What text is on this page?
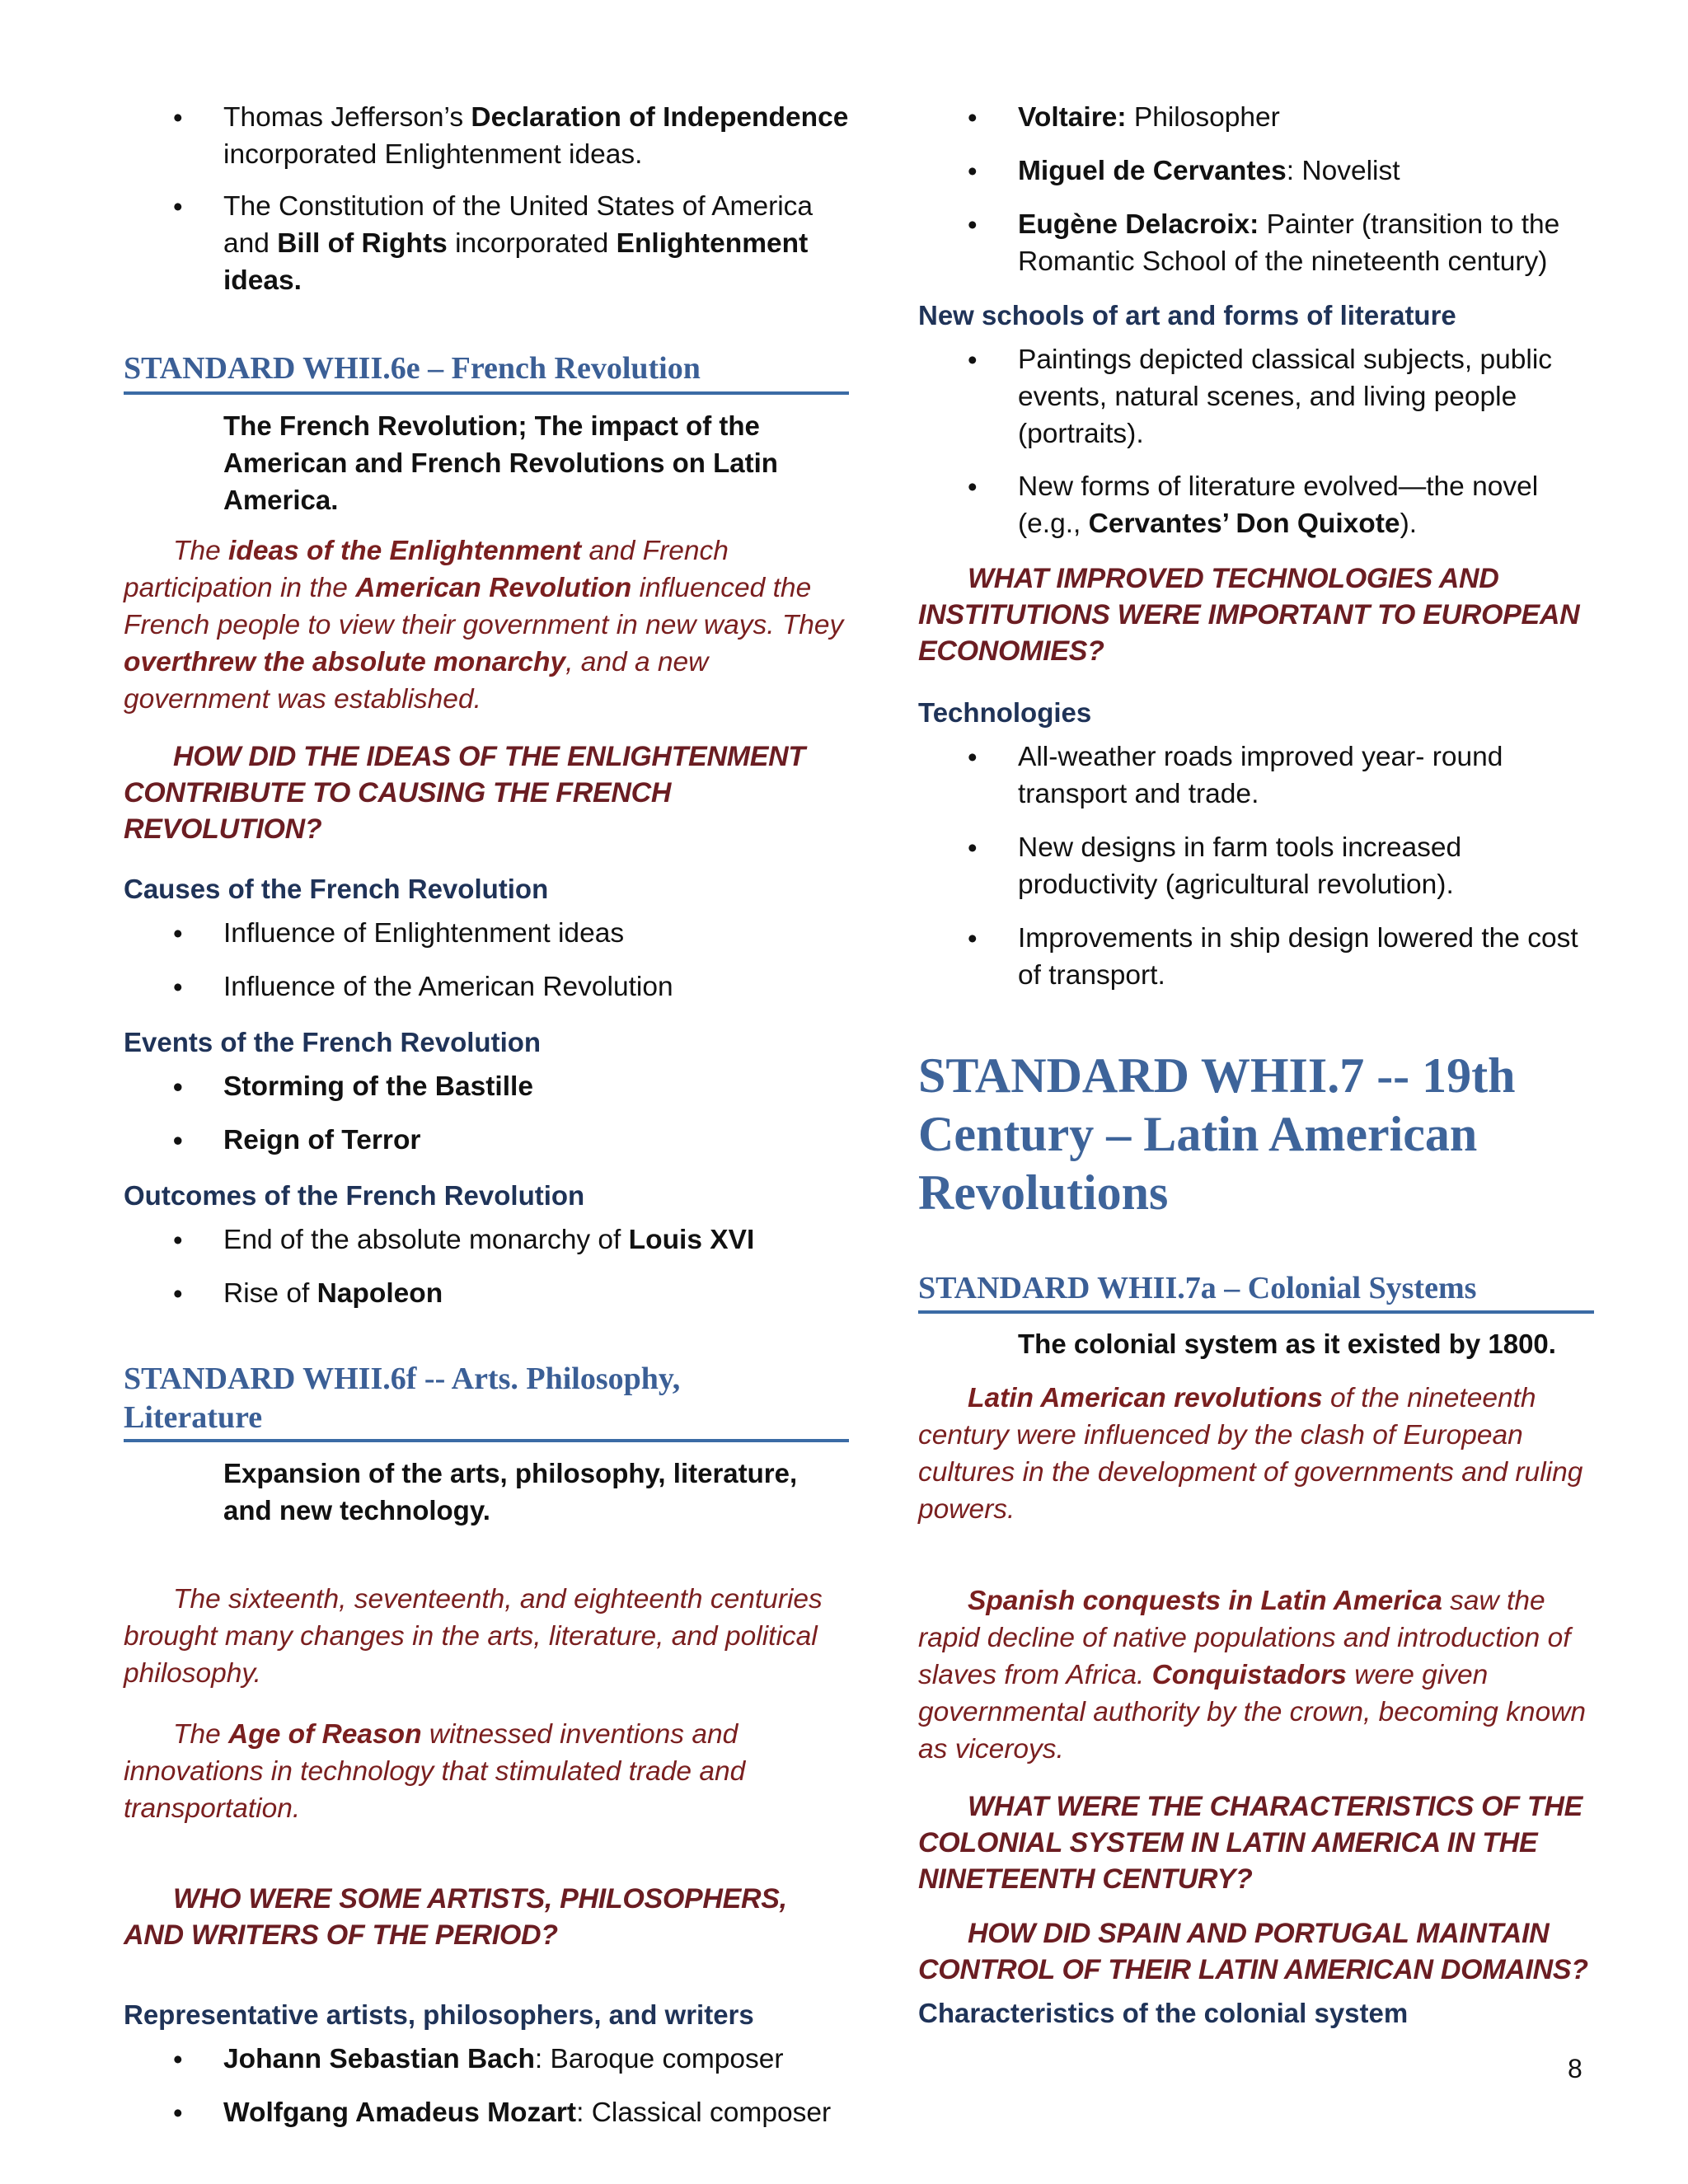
• Thomas Jefferson’s Declaration of Independence incorporated Enlightenment ideas.
• The Constitution of the United States of America and Bill of Rights incorporated Enlightenment ideas.
STANDARD WHII.6e – French Revolution
The French Revolution; The impact of the American and French Revolutions on Latin America.
The ideas of the Enlightenment and French participation in the American Revolution influenced the French people to view their government in new ways. They overthrew the absolute monarchy, and a new government was established.
HOW DID THE IDEAS OF THE ENLIGHTENMENT CONTRIBUTE TO CAUSING THE FRENCH REVOLUTION?
Causes of the French Revolution
• Influence of Enlightenment ideas
• Influence of the American Revolution
Events of the French Revolution
• Storming of the Bastille
• Reign of Terror
Outcomes of the French Revolution
• End of the absolute monarchy of Louis XVI
• Rise of Napoleon
STANDARD WHII.6f -- Arts. Philosophy, Literature
Expansion of the arts, philosophy, literature, and new technology.
The sixteenth, seventeenth, and eighteenth centuries brought many changes in the arts, literature, and political philosophy.
The Age of Reason witnessed inventions and innovations in technology that stimulated trade and transportation.
WHO WERE SOME ARTISTS, PHILOSOPHERS, AND WRITERS OF THE PERIOD?
Representative artists, philosophers, and writers
• Johann Sebastian Bach: Baroque composer
• Wolfgang Amadeus Mozart: Classical composer
• Voltaire: Philosopher
• Miguel de Cervantes: Novelist
• Eugène Delacroix: Painter (transition to the Romantic School of the nineteenth century)
New schools of art and forms of literature
• Paintings depicted classical subjects, public events, natural scenes, and living people (portraits).
• New forms of literature evolved—the novel (e.g., Cervantes’ Don Quixote).
WHAT IMPROVED TECHNOLOGIES AND INSTITUTIONS WERE IMPORTANT TO EUROPEAN ECONOMIES?
Technologies
• All-weather roads improved year- round transport and trade.
• New designs in farm tools increased productivity (agricultural revolution).
• Improvements in ship design lowered the cost of transport.
STANDARD WHII.7 -- 19th Century – Latin American Revolutions
STANDARD WHII.7a – Colonial Systems
The colonial system as it existed by 1800.
Latin American revolutions of the nineteenth century were influenced by the clash of European cultures in the development of governments and ruling powers.
Spanish conquests in Latin America saw the rapid decline of native populations and introduction of slaves from Africa. Conquistadors were given governmental authority by the crown, becoming known as viceroys.
WHAT WERE THE CHARACTERISTICS OF THE COLONIAL SYSTEM IN LATIN AMERICA IN THE NINETEENTH CENTURY?
HOW DID SPAIN AND PORTUGAL MAINTAIN CONTROL OF THEIR LATIN AMERICAN DOMAINS?
Characteristics of the colonial system
8
